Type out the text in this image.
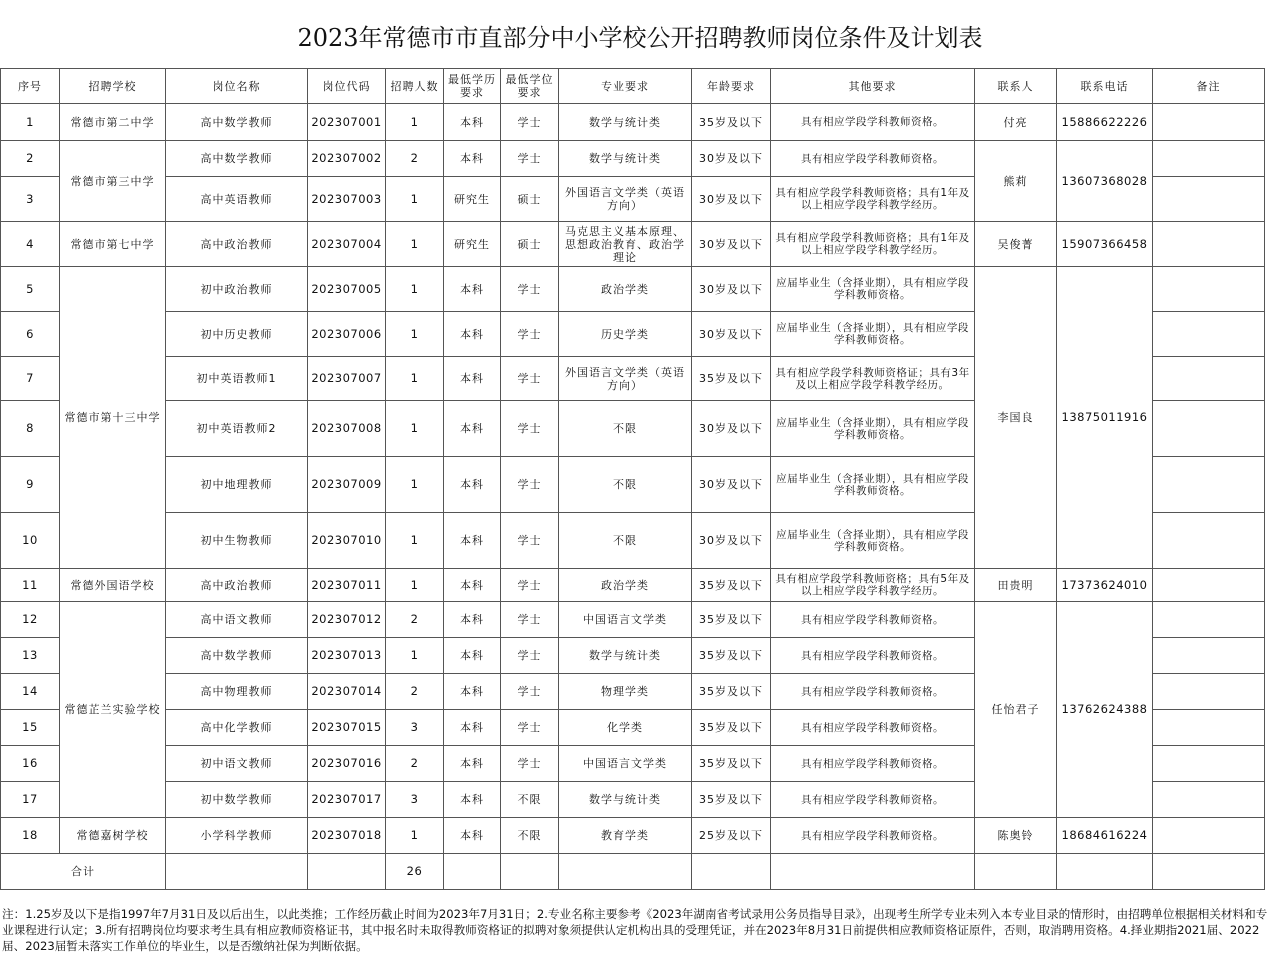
2023年常德市市直部分中小学校公开招聘教师岗位条件及计划表
序号	招聘学校	岗位名称	岗位代码	招聘人数	最低学历要求	最低学位要求	专业要求	年龄要求	其他要求	联系人	联系电话	备注
1	常德市第二中学	高中数学教师	202307001	1	本科	学士	数学与统计类	35岁及以下	具有相应学段学科教师资格。	付亮	15886622226	
2	常德市第三中学	高中数学教师	202307002	2	本科	学士	数学与统计类	30岁及以下	具有相应学段学科教师资格。	熊莉	13607368028	
3		高中英语教师	202307003	1	研究生	硕士	外国语言文学类（英语方向）	30岁及以下	具有相应学段学科教师资格；具有1年及以上相应学段学科教学经历。			
4	常德市第七中学	高中政治教师	202307004	1	研究生	硕士	马克思主义基本原理、思想政治教育、政治学理论	30岁及以下	具有相应学段学科教师资格；具有1年及以上相应学段学科教学经历。	吴俊菁	15907366458	
5	常德市第十三中学	初中政治教师	202307005	1	本科	学士	政治学类	30岁及以下	应届毕业生（含择业期），具有相应学段学科教师资格。	李国良	13875011916	
6		初中历史教师	202307006	1	本科	学士	历史学类	30岁及以下	应届毕业生（含择业期），具有相应学段学科教师资格。			
7		初中英语教师1	202307007	1	本科	学士	外国语言文学类（英语方向）	35岁及以下	具有相应学段学科教师资格证；具有3年及以上相应学段学科教学经历。			
8		初中英语教师2	202307008	1	本科	学士	不限	30岁及以下	应届毕业生（含择业期），具有相应学段学科教师资格。			
9		初中地理教师	202307009	1	本科	学士	不限	30岁及以下	应届毕业生（含择业期），具有相应学段学科教师资格。			
10		初中生物教师	202307010	1	本科	学士	不限	30岁及以下	应届毕业生（含择业期），具有相应学段学科教师资格。			
11	常德外国语学校	高中政治教师	202307011	1	本科	学士	政治学类	35岁及以下	具有相应学段学科教师资格；具有5年及以上相应学段学科教学经历。	田贵明	17373624010	
12	常德芷兰实验学校	高中语文教师	202307012	2	本科	学士	中国语言文学类	35岁及以下	具有相应学段学科教师资格。	任怡君子	13762624388	
13		高中数学教师	202307013	1	本科	学士	数学与统计类	35岁及以下	具有相应学段学科教师资格。			
14		高中物理教师	202307014	2	本科	学士	物理学类	35岁及以下	具有相应学段学科教师资格。			
15		高中化学教师	202307015	3	本科	学士	化学类	35岁及以下	具有相应学段学科教师资格。			
16		初中语文教师	202307016	2	本科	学士	中国语言文学类	35岁及以下	具有相应学段学科教师资格。			
17		初中数学教师	202307017	3	本科	不限	数学与统计类	35岁及以下	具有相应学段学科教师资格。			
18	常德嘉树学校	小学科学教师	202307018	1	本科	不限	教育学类	25岁及以下	具有相应学段学科教师资格。	陈奥铃	18684616224	
合计				26								
注：1.25岁及以下是指1997年7月31日及以后出生，以此类推；工作经历截止时间为2023年7月31日；2.专业名称主要参考《2023年湖南省考试录用公务员指导目录》，出现考生所学专业未列入本专业目录的情形时，由招聘单位根据相关材料和专业课程进行认定；3.所有招聘岗位均要求考生具有相应教师资格证书，其中报名时未取得教师资格证的拟聘对象须提供认定机构出具的受理凭证，并在2023年8月31日前提供相应教师资格证原件，否则，取消聘用资格。4.择业期指2021届、2022届、2023届暂未落实工作单位的毕业生，以是否缴纳社保为判断依据。
